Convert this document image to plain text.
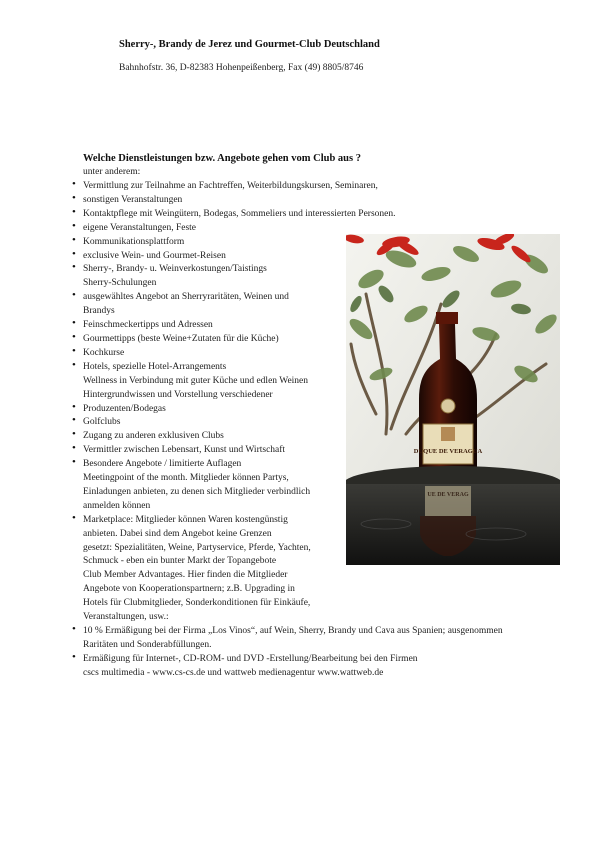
Sherry-, Brandy de Jerez und Gourmet-Club Deutschland
Bahnhofstr. 36, D-82383 Hohenpeißenberg, Fax (49) 8805/8746
Welche Dienstleistungen bzw. Angebote gehen vom Club aus ?
unter anderem:
• Vermittlung zur Teilnahme an Fachtreffen, Weiterbildungskursen, Seminaren,
• sonstigen Veranstaltungen
• Kontaktpflege mit Weingütern, Bodegas, Sommeliers und interessierten Personen.
• eigene Veranstaltungen, Feste
• Kommunikationsplattform
• exclusive Wein- und Gourmet-Reisen
• Sherry-, Brandy- u. Weinverkostungen/Taistings
Sherry-Schulungen
• ausgewähltes Angebot an Sherryraritäten, Weinen und
Brandys
• Feinschmeckertipps und Adressen
• Gourmettipps (beste Weine+Zutaten für die Küche)
• Kochkurse
• Hotels, spezielle Hotel-Arrangements
Wellness in Verbindung mit guter Küche und edlen Weinen
Hintergrundwissen und Vorstellung verschiedener
• Produzenten/Bodegas
• Golfclubs
• Zugang zu anderen exklusiven Clubs
• Vermittler zwischen Lebensart, Kunst und Wirtschaft
• Besondere Angebote / limitierte Auflagen
Meetingpoint of the month. Mitglieder können Partys,
Einladungen anbieten, zu denen sich Mitglieder verbindlich
anmelden können
• Marketplace: Mitglieder können Waren kostengünstig
anbieten. Dabei sind dem Angebot keine Grenzen
gesetzt: Spezialitäten, Weine, Partyservice, Pferde, Yachten,
Schmuck - eben ein bunter Markt der Topangebote
Club Member Advantages. Hier finden die Mitglieder
Angebote von Kooperationspartnern; z.B. Upgrading in
Hotels für Clubmitglieder, Sonderkonditionen für Einkäufe,
Veranstaltungen, usw.:
• 10 % Ermäßigung bei der Firma „Los Vinos“, auf Wein, Sherry, Brandy und Cava aus Spanien; ausgenommen
Raritäten und Sonderabfüllungen.
• Ermäßigung für Internet-, CD-ROM- und DVD -Erstellung/Bearbeitung bei den Firmen
cscs multimedia - www.cs-cs.de und wattweb medienagentur www.wattweb.de
DUQUE DE VERAGUA
UE DE VERAG
